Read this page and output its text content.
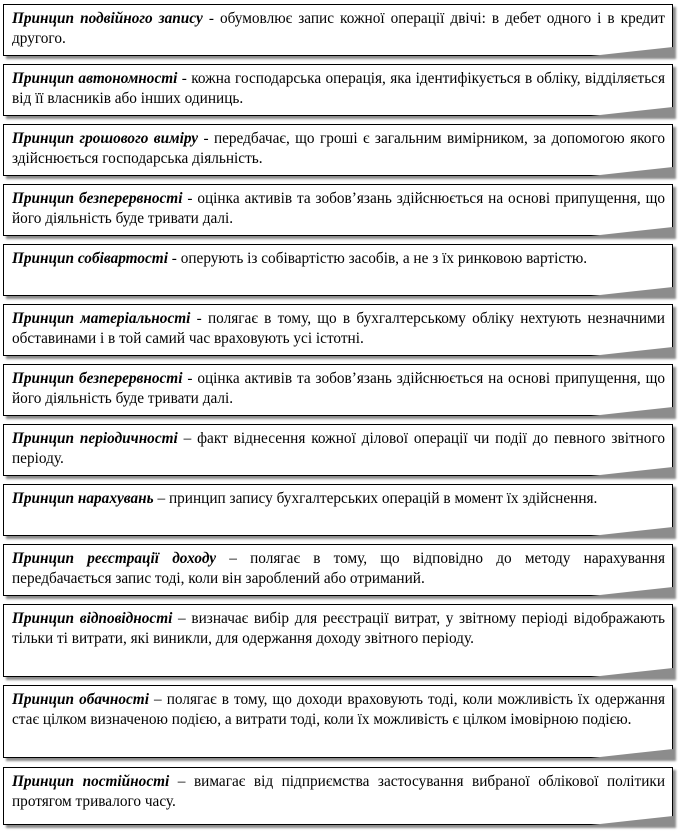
Принцип подвійного запису - обумовлює запис кожної операції двічі: в дебет одного і в кредит другого.
Принцип автономності - кожна господарська операція, яка ідентифікується в обліку, відділяється від її власників або інших одиниць.
Принцип грошового виміру - передбачає, що гроші є загальним вимірником, за допомогою якого здійснюється господарська діяльність.
Принцип безперервності - оцінка активів та зобов’язань здійснюється на основі припущення, що його діяльність буде тривати далі.
Принцип собівартості - оперують із собівартістю засобів, а не з їх ринковою вартістю.
Принцип матеріальності - полягає в тому, що в бухгалтерському обліку нехтують незначними обставинами і в той самий час враховують усі істотні.
Принцип безперервності - оцінка активів та зобов’язань здійснюється на основі припущення, що його діяльність буде тривати далі.
Принцип періодичності – факт віднесення кожної ділової операції чи події до певного звітного періоду.
Принцип нарахувань – принцип запису бухгалтерських операцій в момент їх здійснення.
Принцип реєстрації доходу – полягає в тому, що відповідно до методу нарахування передбачається запис тоді, коли він зароблений або отриманий.
Принцип відповідності – визначає вибір для реєстрації витрат, у звітному періоді відображають тільки ті витрати, які виникли, для одержання доходу звітного періоду.
Принцип обачності – полягає в тому, що доходи враховують тоді, коли можливість їх одержання стає цілком визначеною подією, а витрати тоді, коли їх можливість є цілком імовірною подією.
Принцип постійності – вимагає від підприємства застосування вибраної облікової політики протягом тривалого часу.
